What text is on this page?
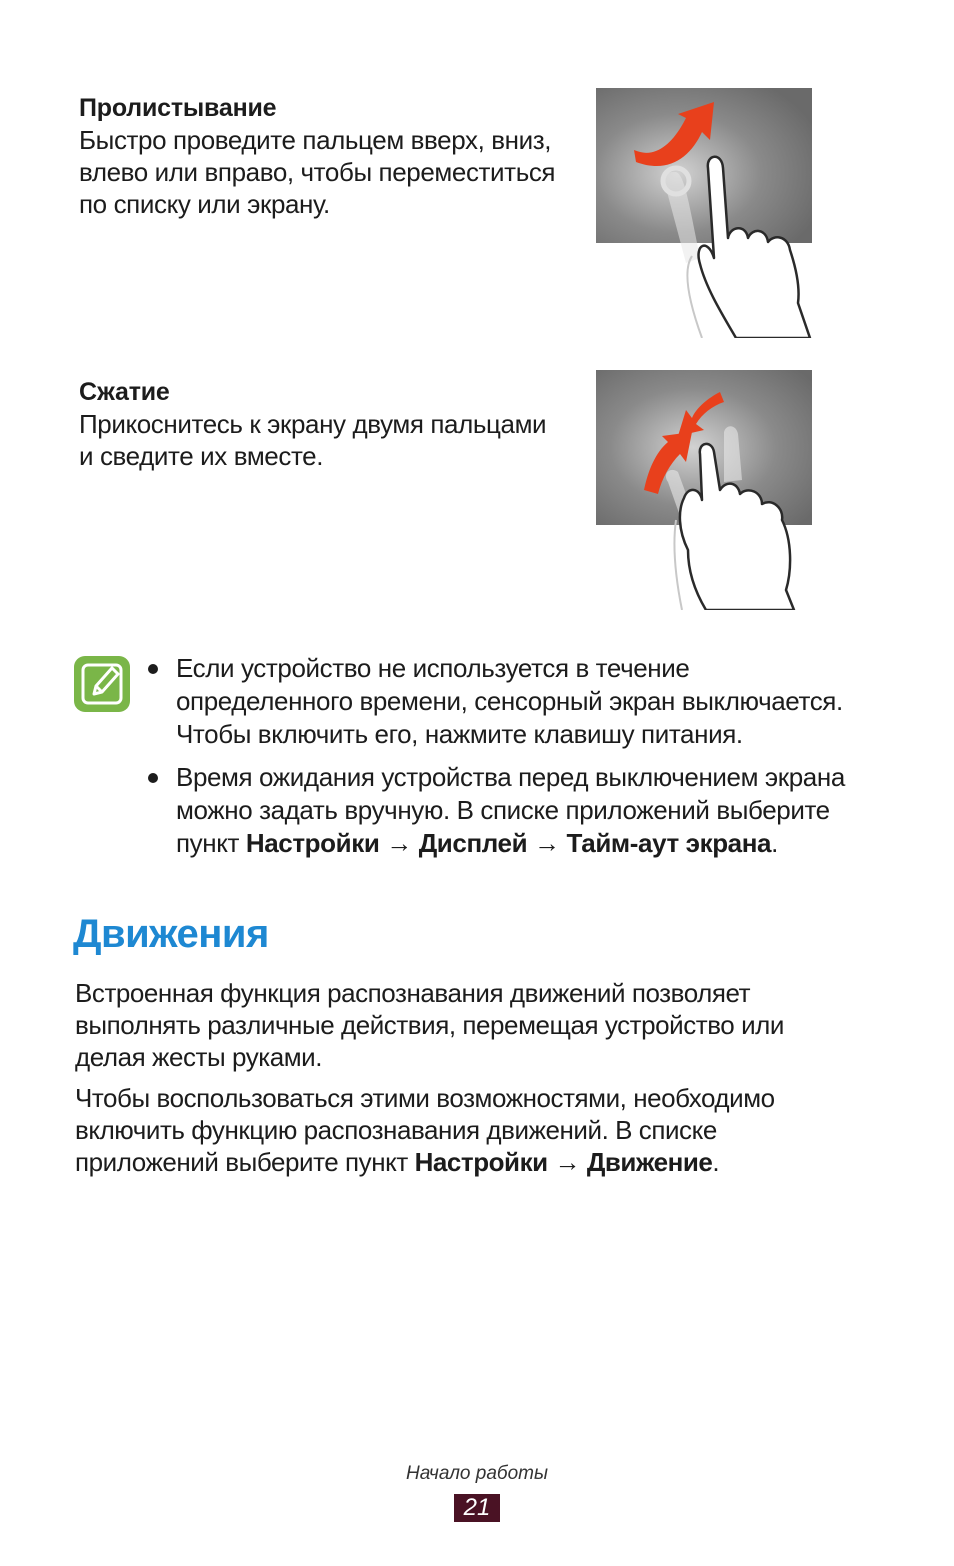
Пролистывание

Быстро проведите пальцем вверх, вниз,
влево или вправо, чтобы переместиться
по списку или экрану.

Сжатие

Прикоснитесь к экрану двумя пальцами
и сведите их вместе.

Если устройство не используется в течение
определенного времени, сенсорный экран выключается.
Чтобы включить его, нажмите клавишу питания.
Время ожидания устройства перед выключением экрана
можно задать вручную. В списке приложений выберите
пункт Настройки → Дисплей → Тайм-аут экрана.
Движения

Встроенная функция распознавания движений позволяет
выполнять различные действия, перемещая устройство или
делая жесты руками.

Чтобы воспользоваться этими возможностями, необходимо
включить функцию распознавания движений. В списке
приложений выберите пункт Настройки → Движение.

Начало работы
21
